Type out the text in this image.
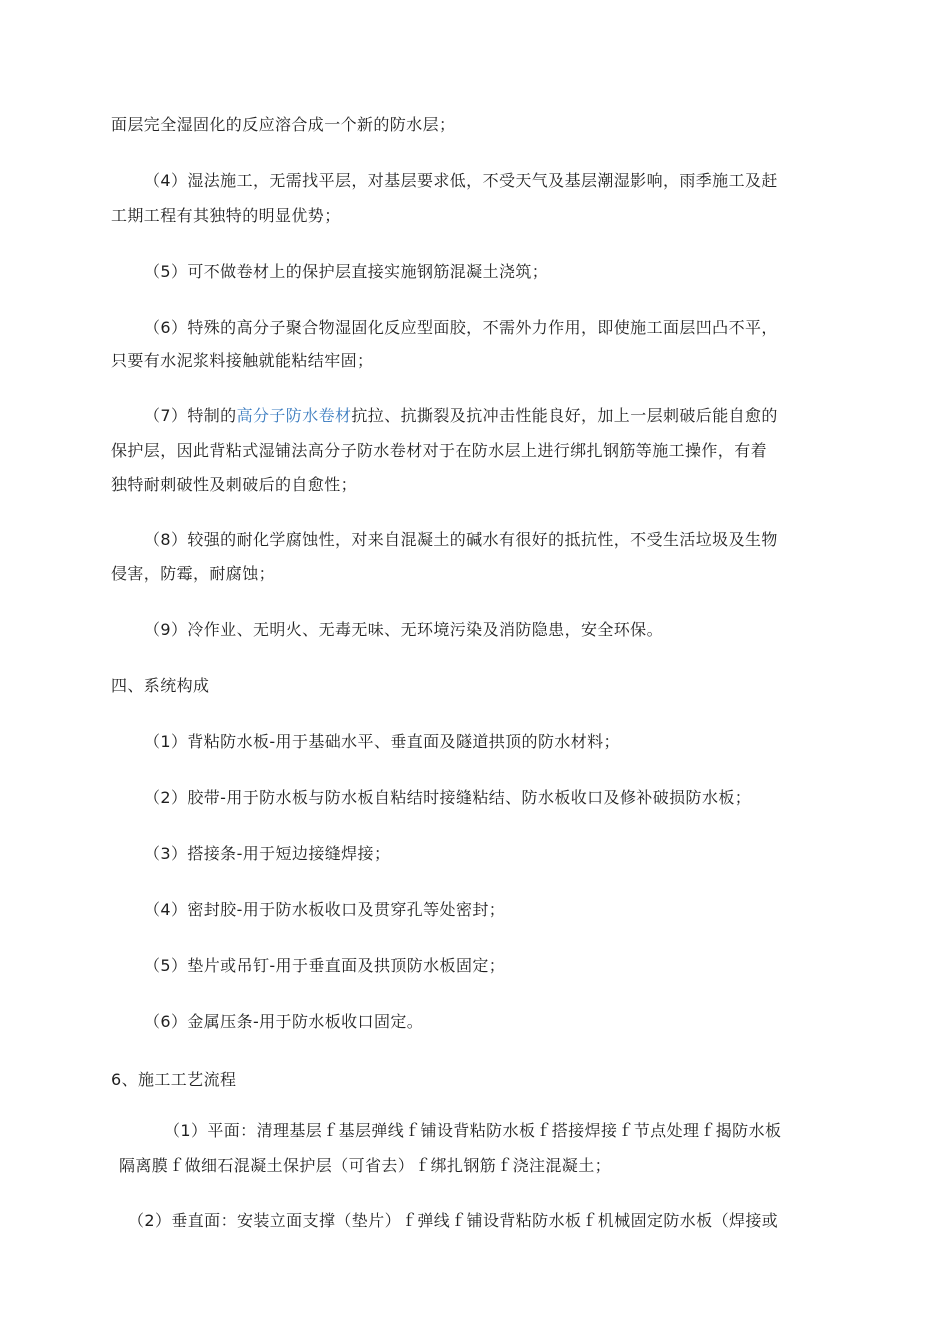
面层完全湿固化的反应溶合成一个新的防水层；
（4）湿法施工，无需找平层，对基层要求低，不受天气及基层潮湿影响，雨季施工及赶
工期工程有其独特的明显优势；
（5）可不做卷材上的保护层直接实施钢筋混凝土浇筑；
（6）特殊的高分子聚合物湿固化反应型面胶，不需外力作用，即使施工面层凹凸不平，
只要有水泥浆料接触就能粘结牢固；
（7）特制的高分子防水卷材抗拉、抗撕裂及抗冲击性能良好，加上一层刺破后能自愈的
保护层，因此背粘式湿铺法高分子防水卷材对于在防水层上进行绑扎钢筋等施工操作，有着
独特耐刺破性及刺破后的自愈性；
（8）较强的耐化学腐蚀性，对来自混凝土的碱水有很好的抵抗性，不受生活垃圾及生物
侵害，防霉，耐腐蚀；
（9）冷作业、无明火、无毒无味、无环境污染及消防隐患，安全环保。
四、系统构成
（1）背粘防水板-用于基础水平、垂直面及隧道拱顶的防水材料；
（2）胶带-用于防水板与防水板自粘结时接缝粘结、防水板收口及修补破损防水板；
（3）搭接条-用于短边接缝焊接；
（4）密封胶-用于防水板收口及贯穿孔等处密封；
（5）垫片或吊钉-用于垂直面及拱顶防水板固定；
（6）金属压条-用于防水板收口固定。
6、施工工艺流程
（1）平面：清理基层ｆ基层弹线ｆ铺设背粘防水板ｆ搭接焊接ｆ节点处理ｆ揭防水板
隔离膜ｆ做细石混凝土保护层（可省去）ｆ绑扎钢筋ｆ浇注混凝土；
（2）垂直面：安装立面支撑（垫片）ｆ弹线ｆ铺设背粘防水板ｆ机械固定防水板（焊接或
